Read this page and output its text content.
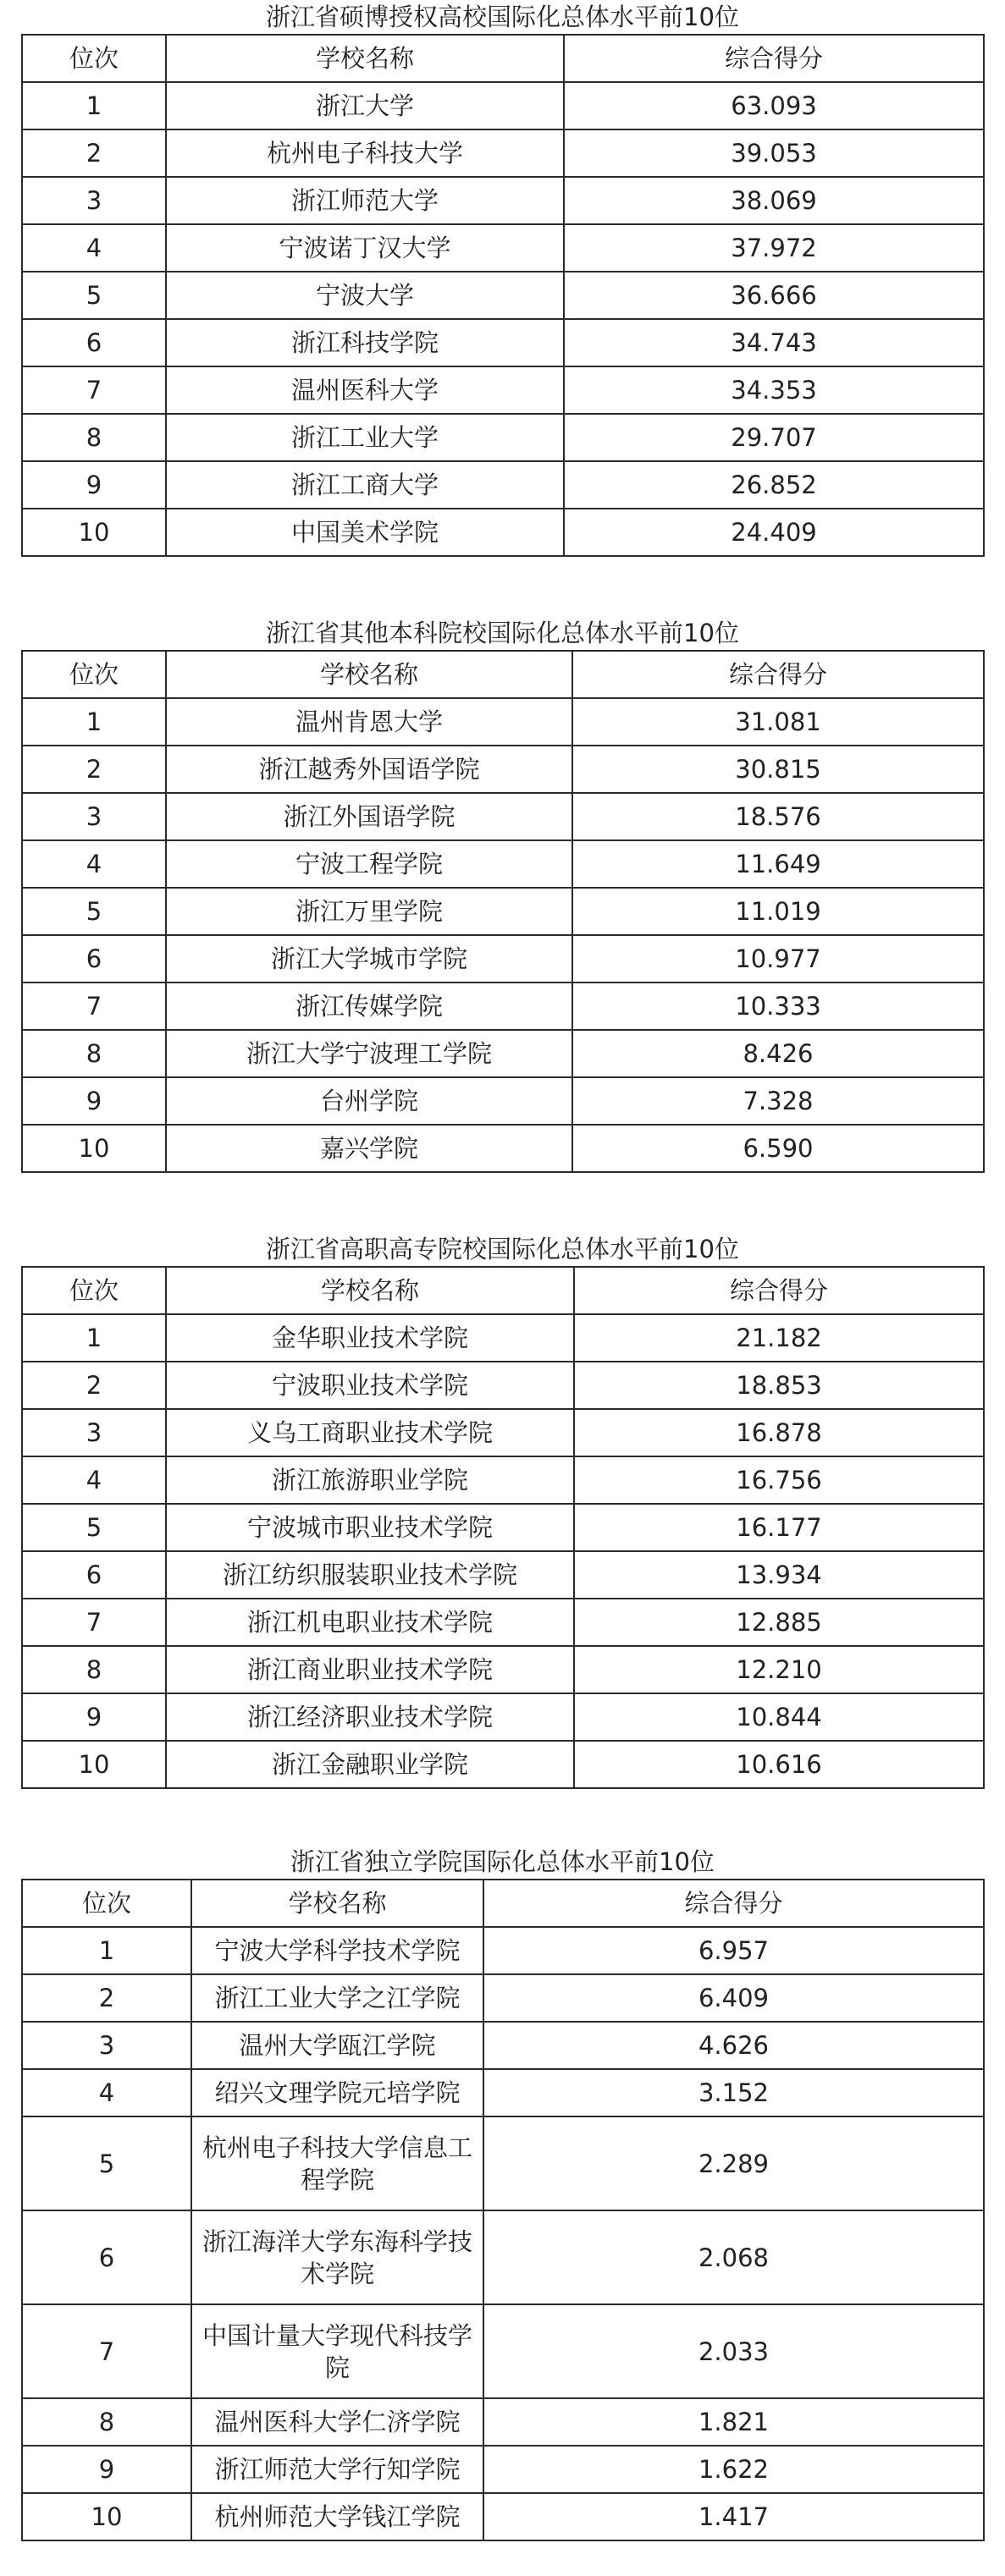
浙江省硕博授权高校国际化总体水平前10位
位次	学校名称	综合得分
1	浙江大学	63.093
2	杭州电子科技大学	39.053
3	浙江师范大学	38.069
4	宁波诺丁汉大学	37.972
5	宁波大学	36.666
6	浙江科技学院	34.743
7	温州医科大学	34.353
8	浙江工业大学	29.707
9	浙江工商大学	26.852
10	中国美术学院	24.409
浙江省其他本科院校国际化总体水平前10位
位次	学校名称	综合得分
1	温州肯恩大学	31.081
2	浙江越秀外国语学院	30.815
3	浙江外国语学院	18.576
4	宁波工程学院	11.649
5	浙江万里学院	11.019
6	浙江大学城市学院	10.977
7	浙江传媒学院	10.333
8	浙江大学宁波理工学院	8.426
9	台州学院	7.328
10	嘉兴学院	6.590
浙江省高职高专院校国际化总体水平前10位
位次	学校名称	综合得分
1	金华职业技术学院	21.182
2	宁波职业技术学院	18.853
3	义乌工商职业技术学院	16.878
4	浙江旅游职业学院	16.756
5	宁波城市职业技术学院	16.177
6	浙江纺织服装职业技术学院	13.934
7	浙江机电职业技术学院	12.885
8	浙江商业职业技术学院	12.210
9	浙江经济职业技术学院	10.844
10	浙江金融职业学院	10.616
浙江省独立学院国际化总体水平前10位
位次	学校名称	综合得分
1	宁波大学科学技术学院	6.957
2	浙江工业大学之江学院	6.409
3	温州大学瓯江学院	4.626
4	绍兴文理学院元培学院	3.152
5	杭州电子科技大学信息工程学院	2.289
6	浙江海洋大学东海科学技术学院	2.068
7	中国计量大学现代科技学院	2.033
8	温州医科大学仁济学院	1.821
9	浙江师范大学行知学院	1.622
10	杭州师范大学钱江学院	1.417
